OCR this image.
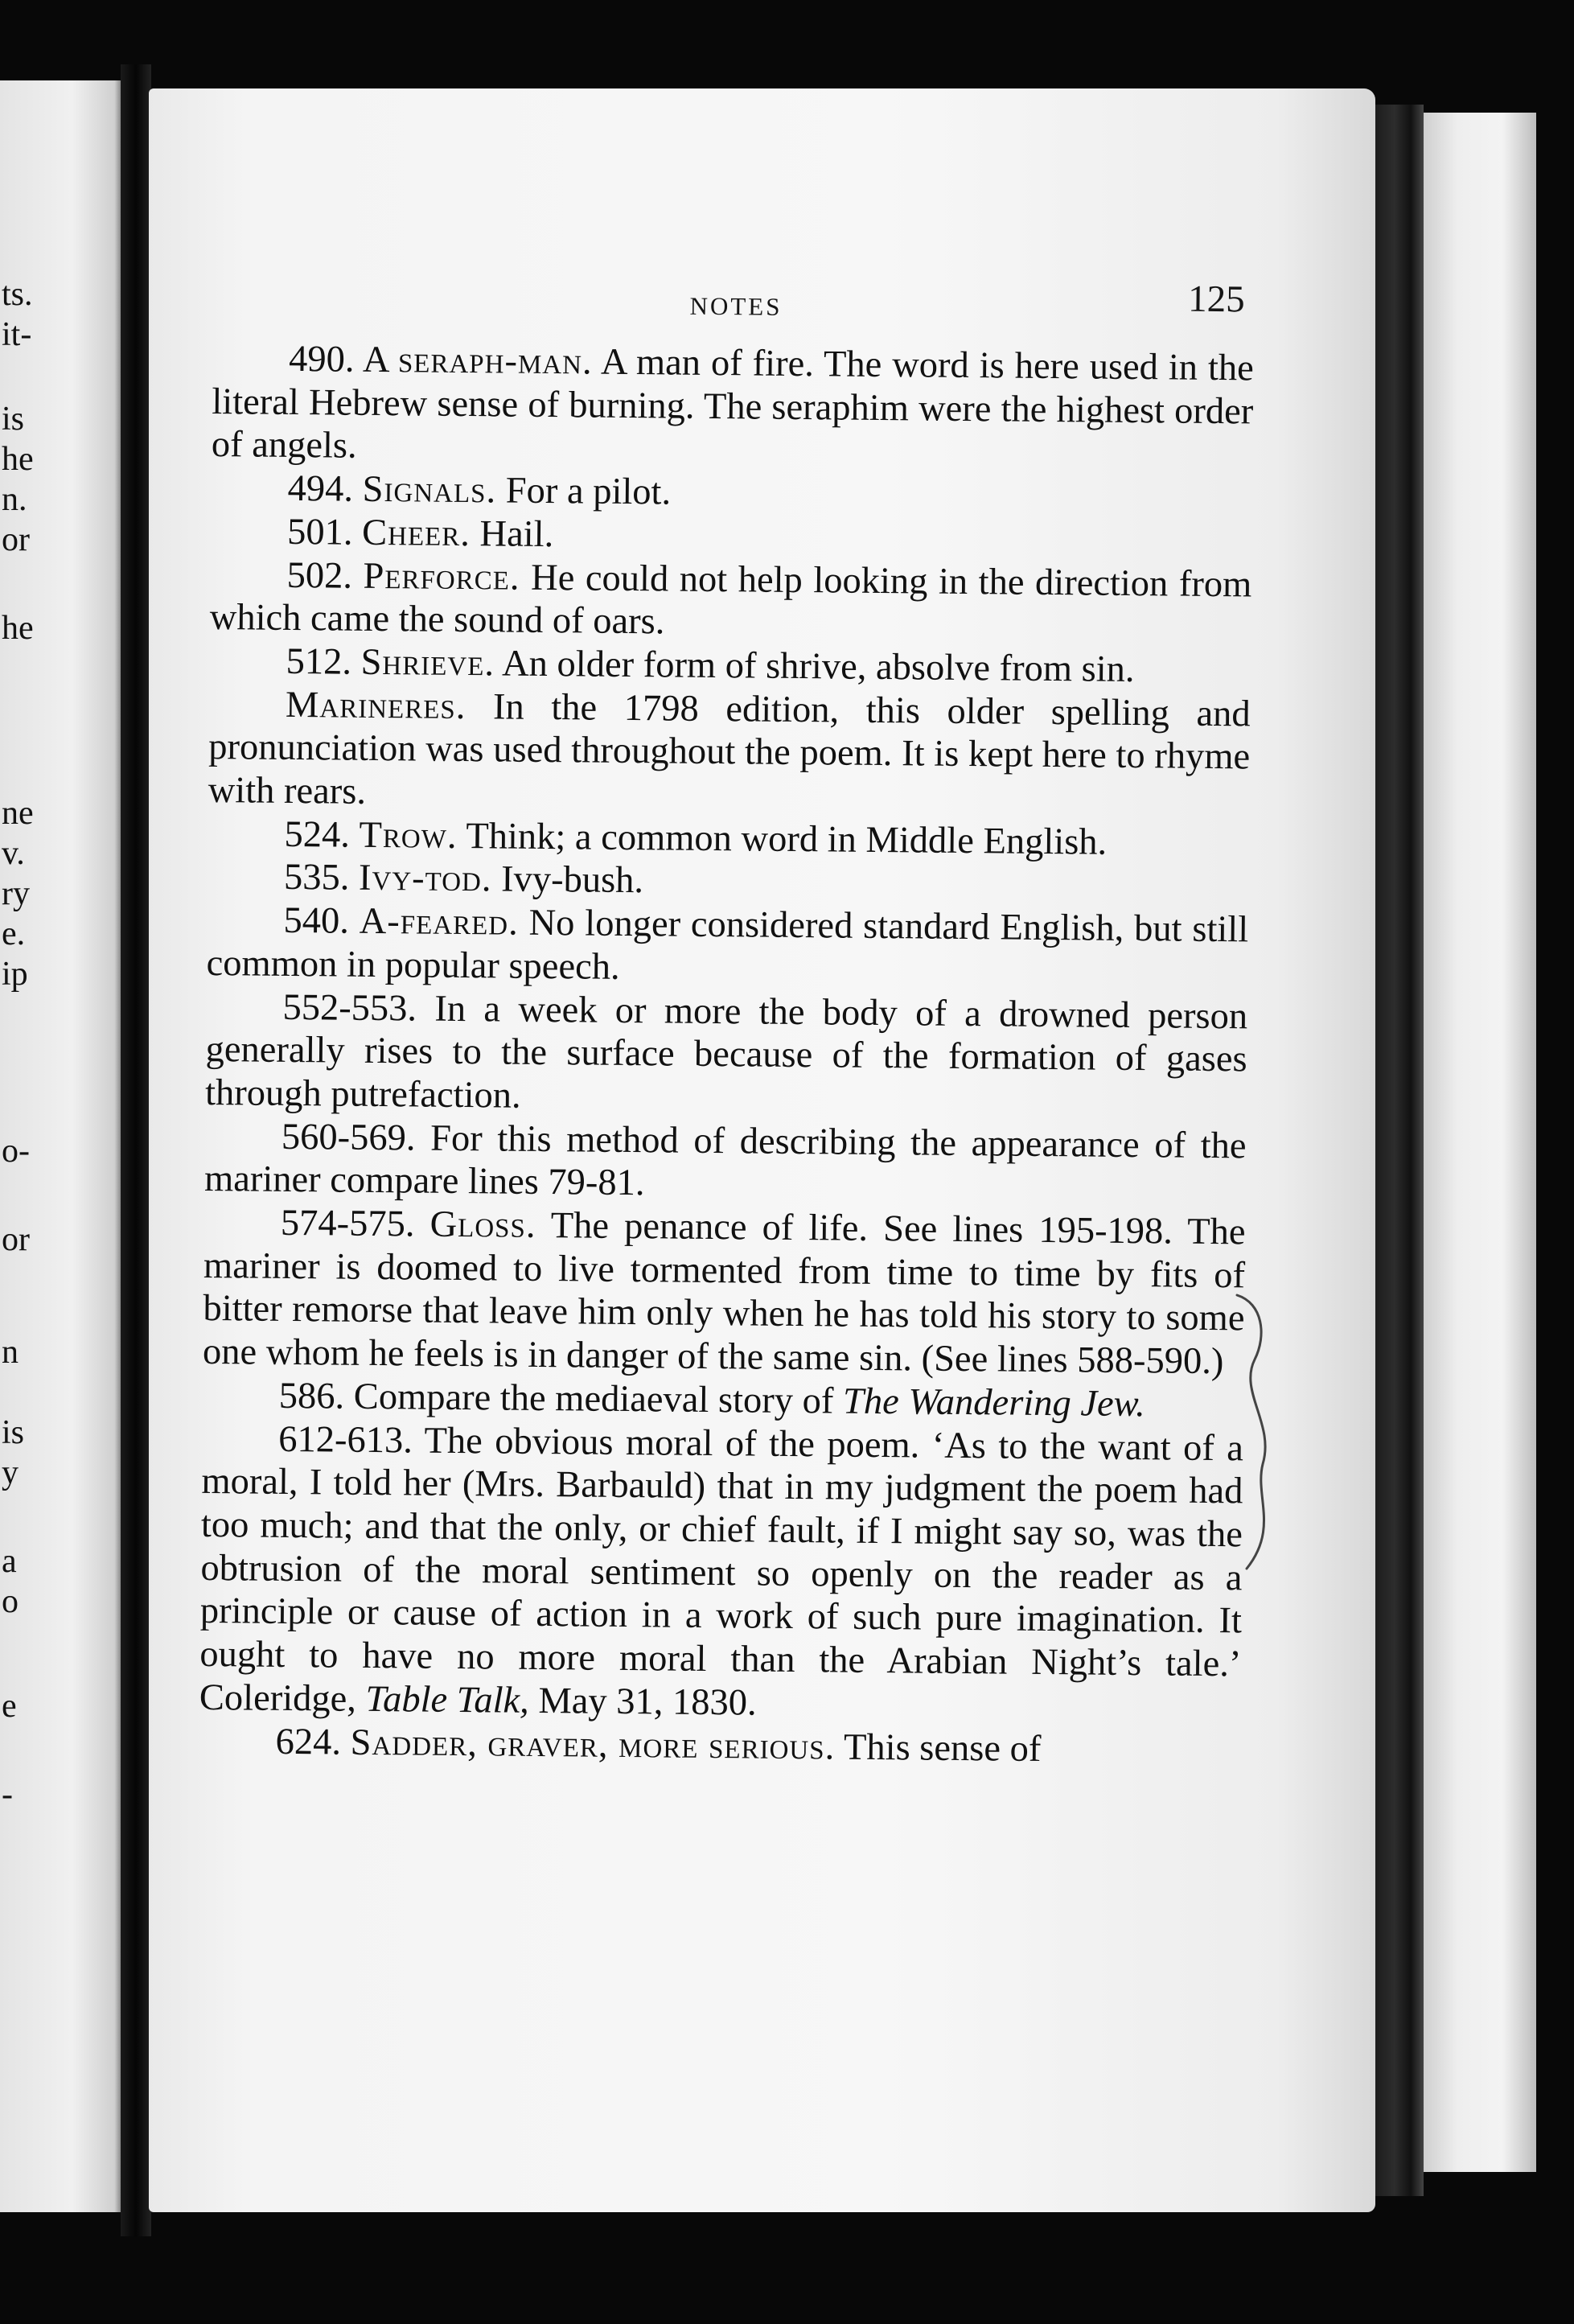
ts.

it-

is

he

n.

or

he

ne

v.

ry

e.

ip

o-

or

n

is

y

a

o

e

-

NOTES	125

490. A seraph-man. A man of fire. The word is here used in the literal Hebrew sense of burning. The seraphim were the highest order of angels.

494. Signals. For a pilot.

501. Cheer. Hail.

502. Perforce. He could not help looking in the direction from which came the sound of oars.

512. Shrieve. An older form of shrive, absolve from sin.

Marineres. In the 1798 edition, this older spelling and pronunciation was used throughout the poem. It is kept here to rhyme with rears.

524. Trow. Think; a common word in Middle English.

535. Ivy-tod. Ivy-bush.

540. A-feared. No longer considered standard English, but still common in popular speech.

552-553. In a week or more the body of a drowned person generally rises to the surface because of the formation of gases through putrefaction.

560-569. For this method of describing the appearance of the mariner compare lines 79-81.

574-575. Gloss. The penance of life. See lines 195-198. The mariner is doomed to live tormented from time to time by fits of bitter remorse that leave him only when he has told his story to some one whom he feels is in danger of the same sin. (See lines 588-590.)

586. Compare the mediaeval story of The Wandering Jew.

612-613. The obvious moral of the poem. ‘As to the want of a moral, I told her (Mrs. Barbauld) that in my judgment the poem had too much; and that the only, or chief fault, if I might say so, was the obtrusion of the moral sentiment so openly on the reader as a principle or cause of action in a work of such pure imagination. It ought to have no more moral than the Arabian Night’s tale.’ Coleridge, Table Talk, May 31, 1830.

624. Sadder, graver, more serious. This sense of
